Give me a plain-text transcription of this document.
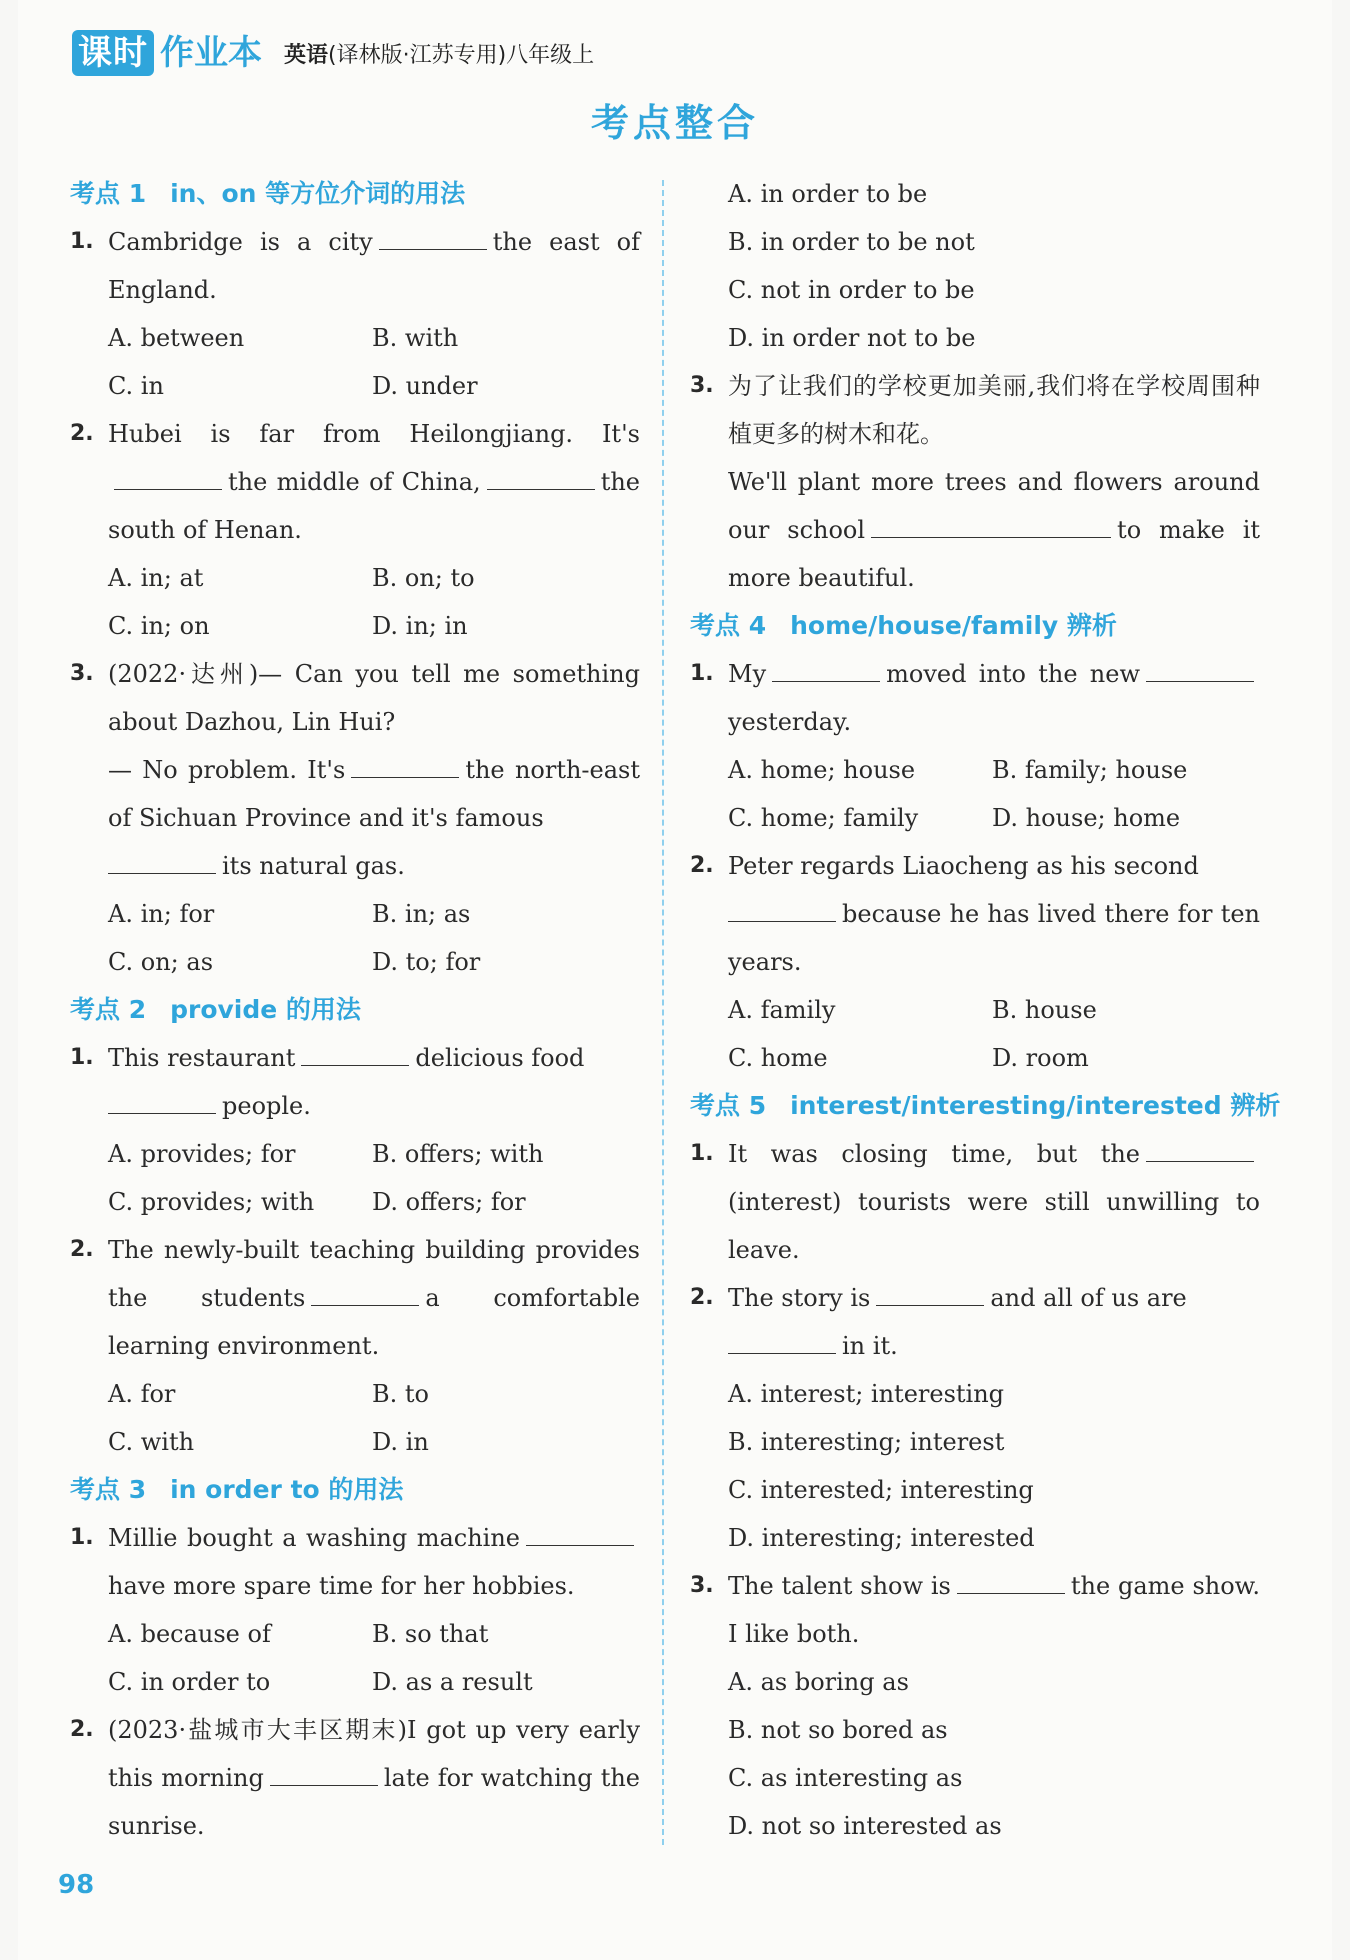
课时 作业本 英语(译林版·江苏专用)八年级上
考点整合
考点 1 in、on 等方位介词的用法
1. Cambridge is a city	the east of England.
A. between	B. with
C. in	D. under
2. Hubei is far from Heilongjiang. It'sthe middle of China,	the south of Henan.
A. in; at	B. on; to
C. in; on	D. in; in
3. (2022·达州)— Can you tell me something about Dazhou, Lin Hui?
— No problem. It's	the north-east of Sichuan Province and it's famous
its natural gas.
A. in; for	B. in; as
C. on; as	D. to; for
考点 2 provide 的用法
1. This restaurant	delicious food
people.
A. provides; for	B. offers; with
C. provides; with	D. offers; for
2. The newly-built teaching building provides the students	a comfortable learning environment.
A. for	B. to
C. with	D. in
考点 3 in order to 的用法
1. Millie bought a washing machinehave more spare time for her hobbies.
A. because of	B. so that
C. in order to	D. as a result
2. (2023·盐城市大丰区期末)I got up very early this morning	late for watching the sunrise.
A. in order to be
B. in order to be not
C. not in order to be
D. in order not to be
3. 为了让我们的学校更加美丽,我们将在学校周围种植更多的树木和花。
We'll plant more trees and flowers around our school	to make it more beautiful.
考点 4 home/house/family 辨析
1. My	moved into the newyesterday.
A. home; house	B. family; house
C. home; family	D. house; home
2. Peter regards Liaocheng as his second
because he has lived there for ten years.
A. family	B. house
C. home	D. room
考点 5 interest/interesting/interested 辨析
1. It was closing time, but the(interest) tourists were still unwilling to leave.
2. The story is	and all of us are
in it.
A. interest; interesting
B. interesting; interest
C. interested; interesting
D. interesting; interested
3. The talent show is	the game show. I like both.
A. as boring as
B. not so bored as
C. as interesting as
D. not so interested as
98
